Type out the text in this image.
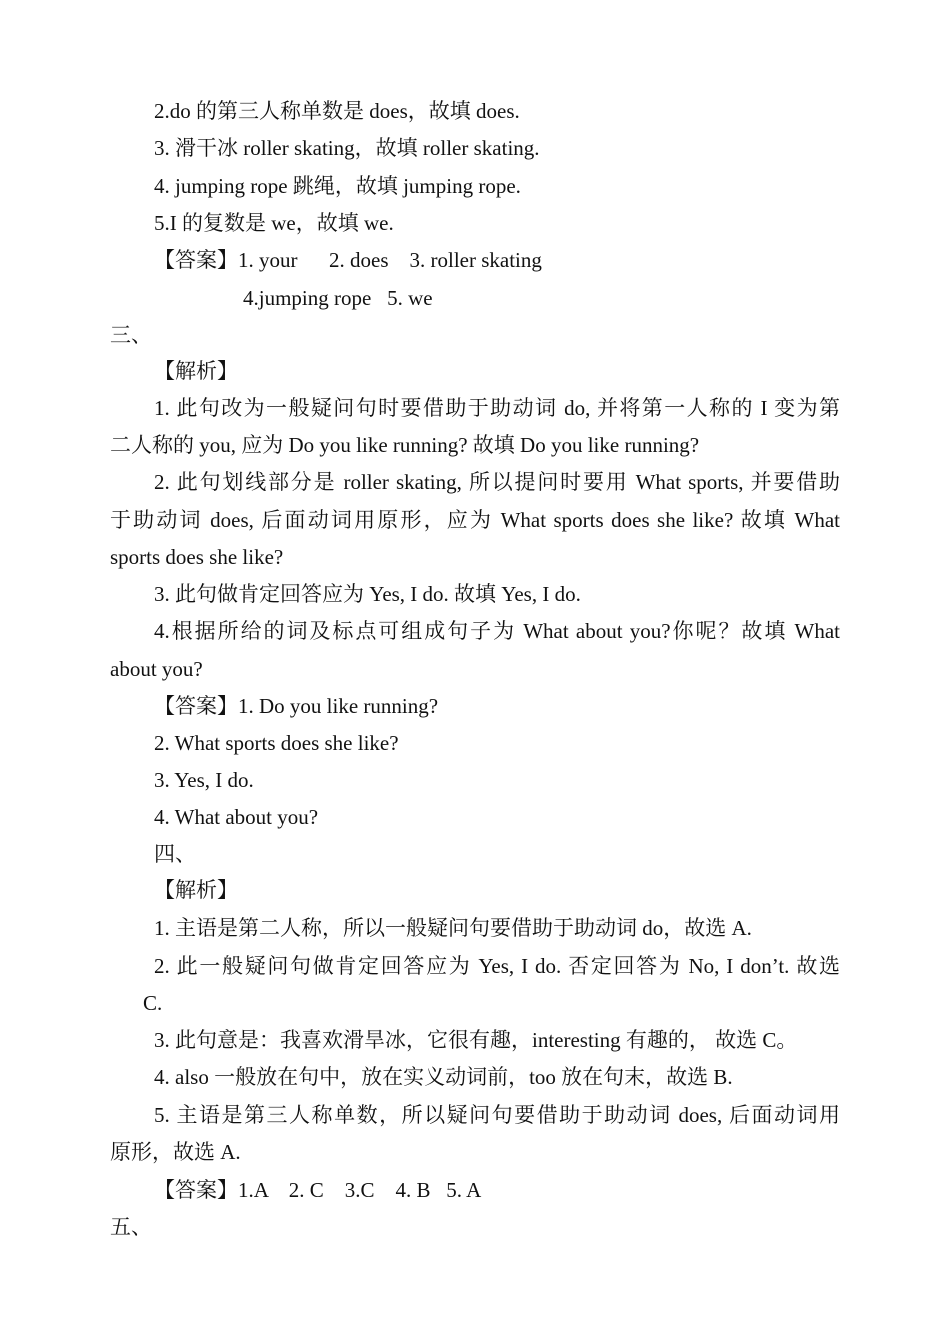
2.do 的第三人称单数是 does，故填 does.
3. 滑干冰 roller skating，故填 roller skating.
4. jumping rope 跳绳，故填 jumping rope.
5.I 的复数是 we，故填 we.
【答案】1. your      2. does    3. roller skating
4.jumping rope   5. we
三、
【解析】
1. 此句改为一般疑问句时要借助于助动词 do, 并将第一人称的 I 变为第
二人称的 you, 应为 Do you like running? 故填 Do you like running?
2. 此句划线部分是 roller skating, 所以提问时要用 What sports, 并要借助
于助动词 does, 后面动词用原形，应为 What sports does she like? 故填 What
sports does she like?
3. 此句做肯定回答应为 Yes, I do. 故填 Yes, I do.
4.根据所给的词及标点可组成句子为 What about you?你呢？故填 What
about you?
【答案】1. Do you like running?
2. What sports does she like?
3. Yes, I do.
4. What about you?
四、
【解析】
1. 主语是第二人称，所以一般疑问句要借助于助动词 do，故选 A.
2. 此一般疑问句做肯定回答应为 Yes, I do. 否定回答为 No, I don’t. 故选
C.
3. 此句意是：我喜欢滑旱冰，它很有趣，interesting 有趣的， 故选 C。
4. also 一般放在句中，放在实义动词前，too 放在句末，故选 B.
5. 主语是第三人称单数，所以疑问句要借助于助动词 does, 后面动词用
原形，故选 A.
【答案】1.A    2. C    3.C    4. B   5. A
五、
